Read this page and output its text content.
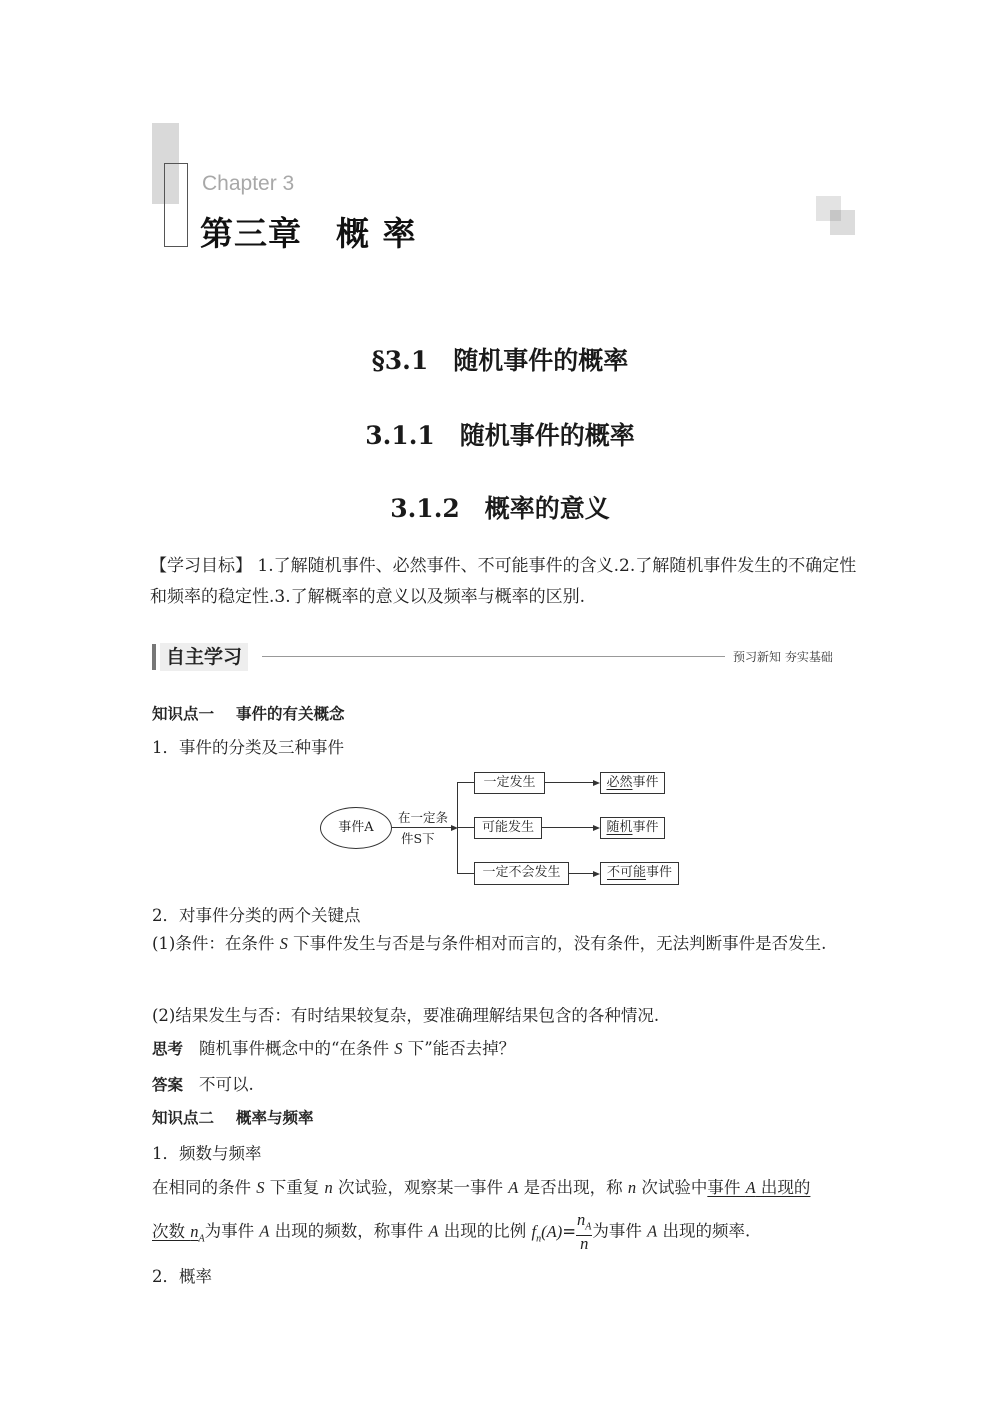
Chapter 3
第三章　概 率
§3.1　随机事件的概率
3.1.1　随机事件的概率
3.1.2　概率的意义
【学习目标】 1.了解随机事件、必然事件、不可能事件的含义.2.了解随机事件发生的不确定性和频率的稳定性.3.了解概率的意义以及频率与概率的区别.
自主学习	预习新知 夯实基础
知识点一 事件的有关概念
1．事件的分类及三种事件
事件A
在一定条
件S下
一定发生
可能发生
一定不会发生
必然事件
随机事件
不可能事件
2．对事件分类的两个关键点
(1)条件：在条件 S 下事件发生与否是与条件相对而言的，没有条件，无法判断事件是否发生.
(2)结果发生与否：有时结果较复杂，要准确理解结果包含的各种情况.
思考 随机事件概念中的“在条件 S 下”能否去掉？
答案 不可以.
知识点二 概率与频率
1．频数与频率
在相同的条件 S 下重复 n 次试验，观察某一事件 A 是否出现，称 n 次试验中事件 A 出现的
次数 $n_A$为事件 A 出现的频数，称事件 A 出现的比例 $f_n(A)= \frac{n_A}{n}$ 为事件 A 出现的频率.
2．概率
